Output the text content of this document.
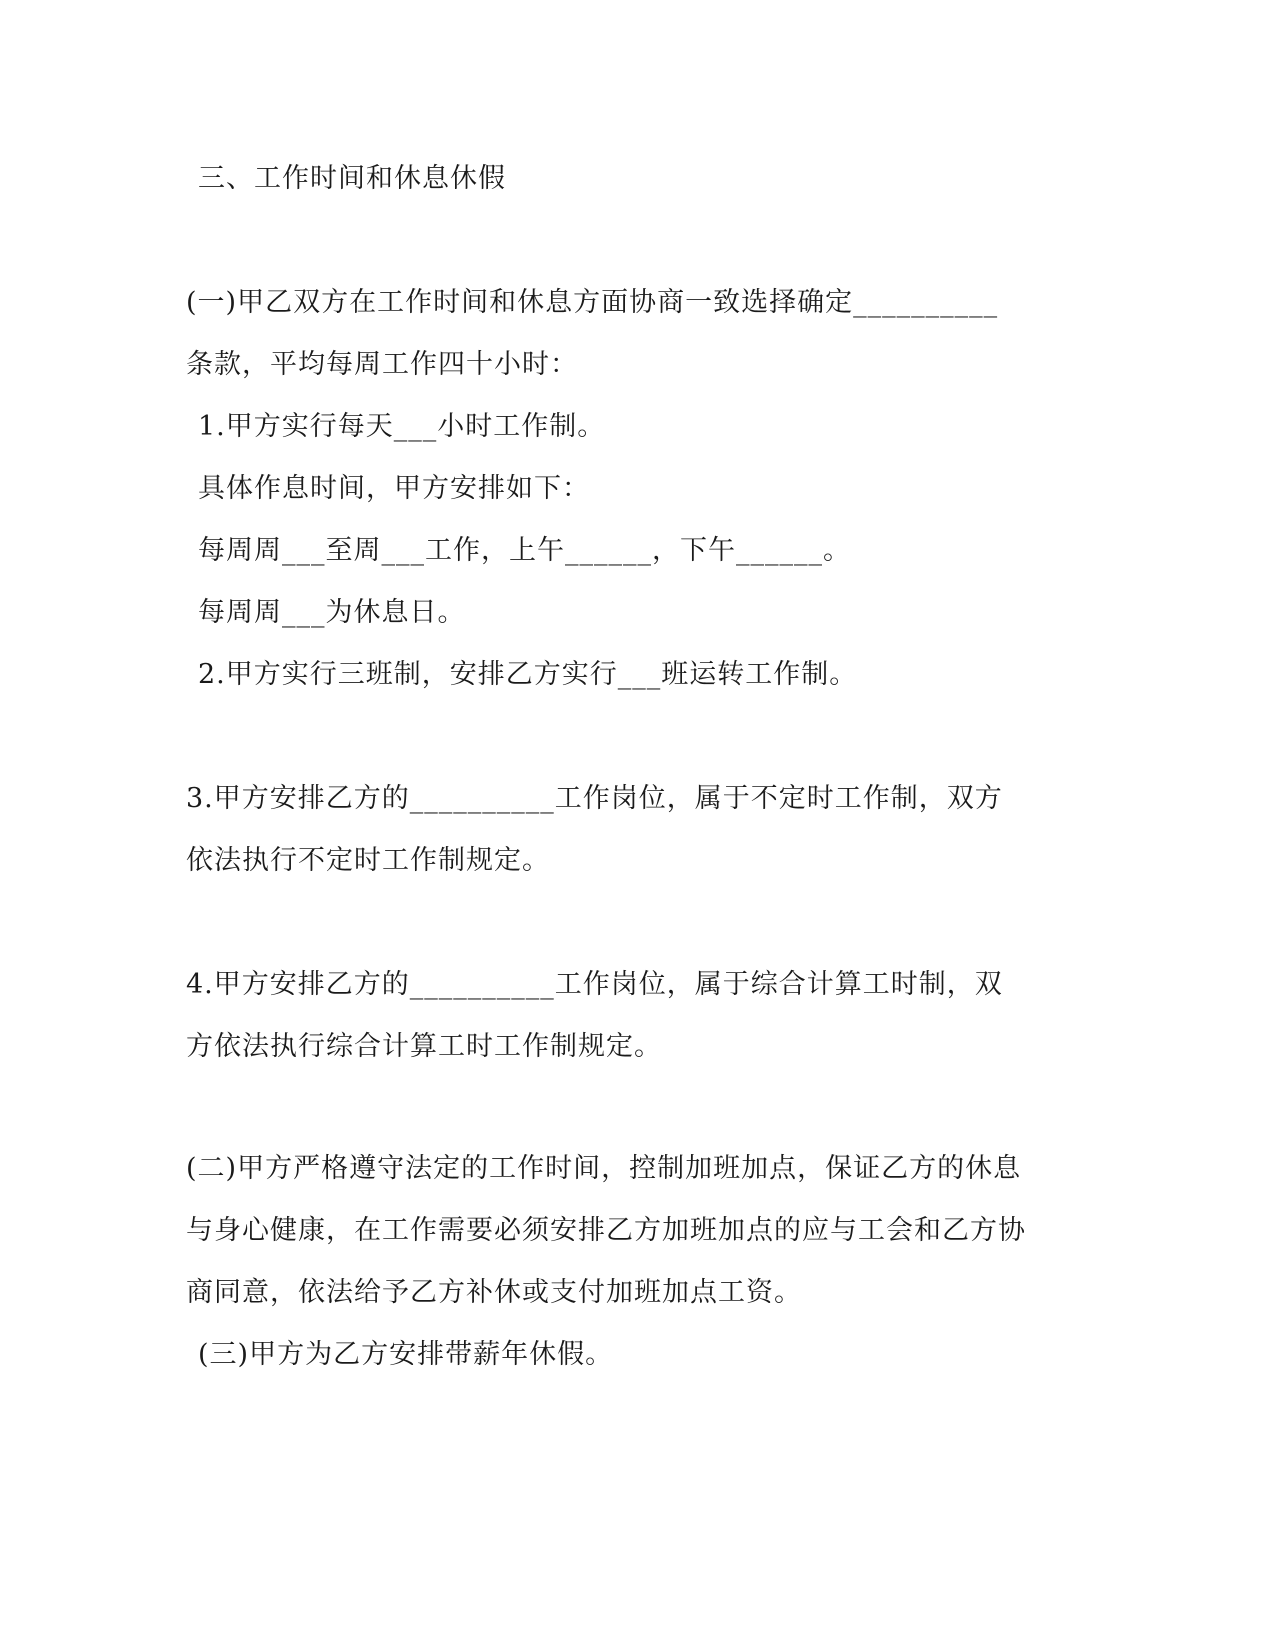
三、工作时间和休息休假
(一)甲乙双方在工作时间和休息方面协商一致选择确定__________
条款，平均每周工作四十小时：
1.甲方实行每天___小时工作制。
具体作息时间，甲方安排如下：
每周周___至周___工作，上午______，下午______。
每周周___为休息日。
2.甲方实行三班制，安排乙方实行___班运转工作制。
3.甲方安排乙方的__________工作岗位，属于不定时工作制，双方
依法执行不定时工作制规定。
4.甲方安排乙方的__________工作岗位，属于综合计算工时制，双
方依法执行综合计算工时工作制规定。
(二)甲方严格遵守法定的工作时间，控制加班加点，保证乙方的休息
与身心健康，在工作需要必须安排乙方加班加点的应与工会和乙方协
商同意，依法给予乙方补休或支付加班加点工资。
(三)甲方为乙方安排带薪年休假。
